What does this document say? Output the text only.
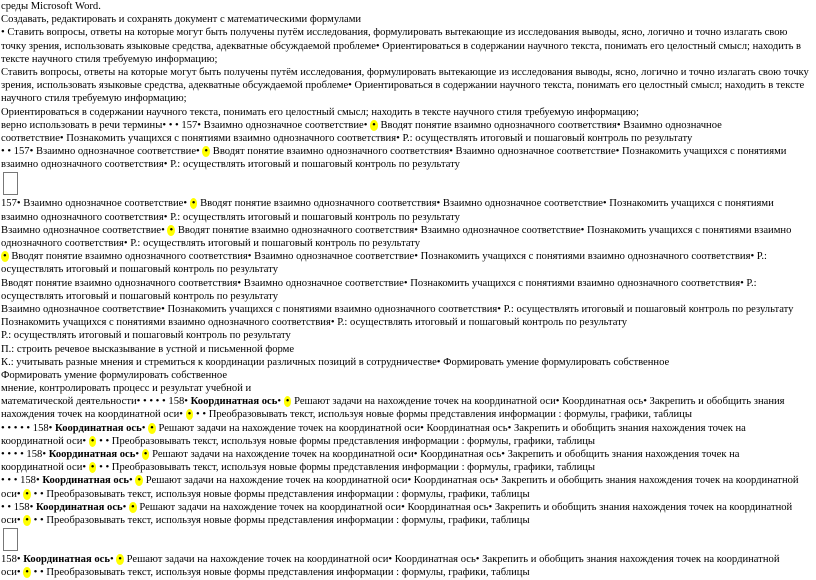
среды Microsoft Word.
Создавать, редактировать и сохранять документ с математическими формулами
• Ставить вопросы, ответы на которые могут быть получены путём исследования, формулировать вытекающие из исследования выводы, ясно, логично и точно излагать свою
точку зрения, использовать языковые средства, адекватные обсуждаемой проблеме• Ориентироваться в содержании научного текста, понимать его целостный смысл; находить в
тексте научного стиля требуемую информацию;
Ставить вопросы, ответы на которые могут быть получены путём исследования, формулировать вытекающие из исследования выводы, ясно, логично и точно излагать свою точку
зрения, использовать языковые средства, адекватные обсуждаемой проблеме• Ориентироваться в содержании научного текста, понимать его целостный смысл; находить в тексте
научного стиля требуемую информацию;
Ориентироваться в содержании научного текста, понимать его целостный смысл; находить в тексте научного стиля требуемую информацию;
верно использовать в речи термины• • • 157• Взаимно однозначное соответствие• • Вводят понятие взаимно однозначного соответствия• Взаимно однозначное
соответствие• Познакомить учащихся с понятиями взаимно однозначного соответствия• Р.: осуществлять итоговый и пошаговый контроль по результату
• • 157• Взаимно однозначное соответствие• • Вводят понятие взаимно однозначного соответствия• Взаимно однозначное соответствие• Познакомить учащихся с понятиями
взаимно однозначного соответствия• Р.: осуществлять итоговый и пошаговый контроль по результату
157• Взаимно однозначное соответствие• • Вводят понятие взаимно однозначного соответствия• Взаимно однозначное соответствие• Познакомить учащихся с понятиями
взаимно однозначного соответствия• Р.: осуществлять итоговый и пошаговый контроль по результату
Взаимно однозначное соответствие• • Вводят понятие взаимно однозначного соответствия• Взаимно однозначное соответствие• Познакомить учащихся с понятиями взаимно
однозначного соответствия• Р.: осуществлять итоговый и пошаговый контроль по результату
• Вводят понятие взаимно однозначного соответствия• Взаимно однозначное соответствие• Познакомить учащихся с понятиями взаимно однозначного соответствия• Р.:
осуществлять итоговый и пошаговый контроль по результату
Вводят понятие взаимно однозначного соответствия• Взаимно однозначное соответствие• Познакомить учащихся с понятиями взаимно однозначного соответствия• Р.:
осуществлять итоговый и пошаговый контроль по результату
Взаимно однозначное соответствие• Познакомить учащихся с понятиями взаимно однозначного соответствия• Р.: осуществлять итоговый и пошаговый контроль по результату
Познакомить учащихся с понятиями взаимно однозначного соответствия• Р.: осуществлять итоговый и пошаговый контроль по результату
Р.: осуществлять итоговый и пошаговый контроль по результату
П.: строить речевое высказывание в устной и письменной форме
К.: учитывать разные мнения и стремиться к координации различных позиций в сотрудничестве• Формировать умение формулировать собственное
Формировать умение формулировать собственное
мнение, контролировать процесс и результат учебной и
математической деятельности• • • • • 158• Координатная ось• • Решают задачи на нахождение точек на координатной оси• Координатная ось• Закрепить и обобщить знания
нахождения точек на координатной оси• • • • Преобразовывать текст, используя новые формы представления информации : формулы, графики, таблицы
• • • • • 158• Координатная ось• • Решают задачи на нахождение точек на координатной оси• Координатная ось• Закрепить и обобщить знания нахождения точек на
координатной оси• • • • Преобразовывать текст, используя новые формы представления информации : формулы, графики, таблицы
• • • • 158• Координатная ось• • Решают задачи на нахождение точек на координатной оси• Координатная ось• Закрепить и обобщить знания нахождения точек на
координатной оси• • • • Преобразовывать текст, используя новые формы представления информации : формулы, графики, таблицы
• • • 158• Координатная ось• • Решают задачи на нахождение точек на координатной оси• Координатная ось• Закрепить и обобщить знания нахождения точек на координатной
оси• • • • Преобразовывать текст, используя новые формы представления информации : формулы, графики, таблицы
• • 158• Координатная ось• • Решают задачи на нахождение точек на координатной оси• Координатная ось• Закрепить и обобщить знания нахождения точек на координатной
оси• • • • Преобразовывать текст, используя новые формы представления информации : формулы, графики, таблицы
158• Координатная ось• • Решают задачи на нахождение точек на координатной оси• Координатная ось• Закрепить и обобщить знания нахождения точек на координатной
оси• • • • Преобразовывать текст, используя новые формы представления информации : формулы, графики, таблицы
